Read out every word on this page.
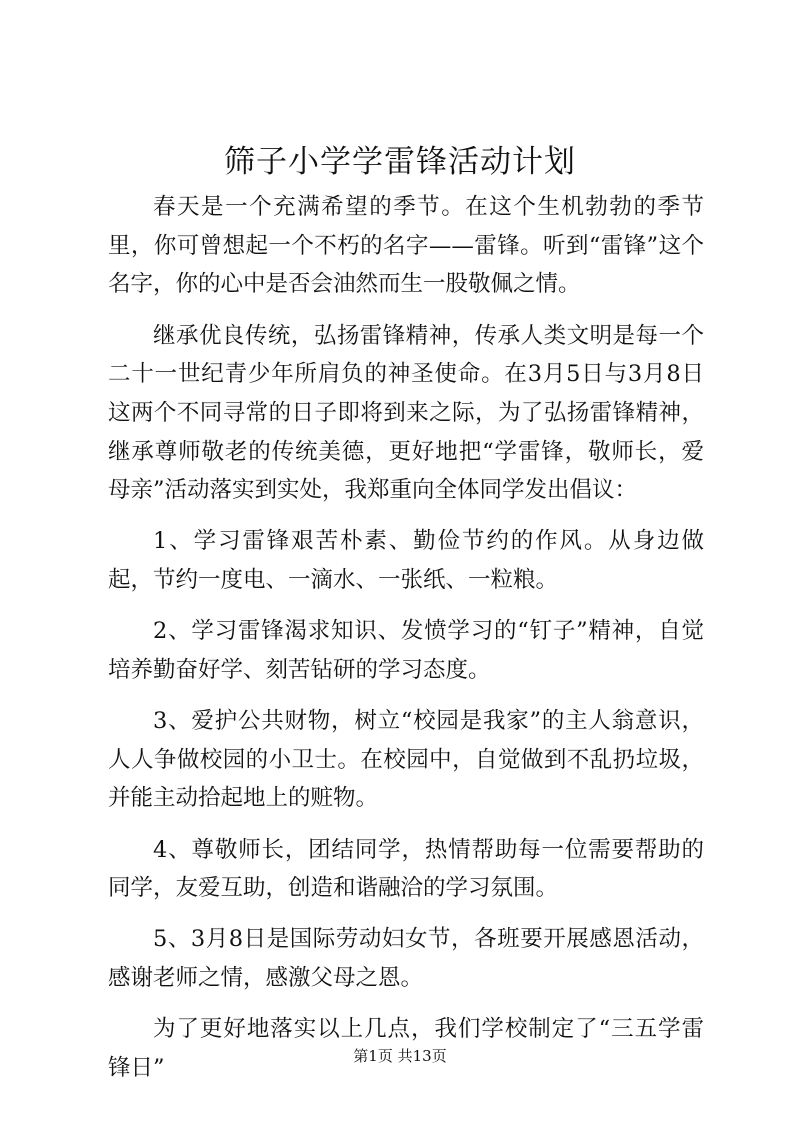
筛子小学学雷锋活动计划

春天是一个充满希望的季节。在这个生机勃勃的季节里，你可曾想起一个不朽的名字——雷锋。听到“雷锋”这个名字，你的心中是否会油然而生一股敬佩之情。

继承优良传统，弘扬雷锋精神，传承人类文明是每一个二十一世纪青少年所肩负的神圣使命。在3月5日与3月8日这两个不同寻常的日子即将到来之际，为了弘扬雷锋精神，继承尊师敬老的传统美德，更好地把“学雷锋，敬师长，爱母亲”活动落实到实处，我郑重向全体同学发出倡议：

1、学习雷锋艰苦朴素、勤俭节约的作风。从身边做起，节约一度电、一滴水、一张纸、一粒粮。

2、学习雷锋渴求知识、发愤学习的“钉子”精神，自觉培养勤奋好学、刻苦钻研的学习态度。

3、爱护公共财物，树立“校园是我家”的主人翁意识，人人争做校园的小卫士。在校园中，自觉做到不乱扔垃圾，并能主动拾起地上的赃物。

4、尊敬师长，团结同学，热情帮助每一位需要帮助的同学，友爱互助，创造和谐融洽的学习氛围。

5、3月8日是国际劳动妇女节，各班要开展感恩活动，感谢老师之情，感激父母之恩。

为了更好地落实以上几点，我们学校制定了“三五学雷锋日”	第1页 共13页
